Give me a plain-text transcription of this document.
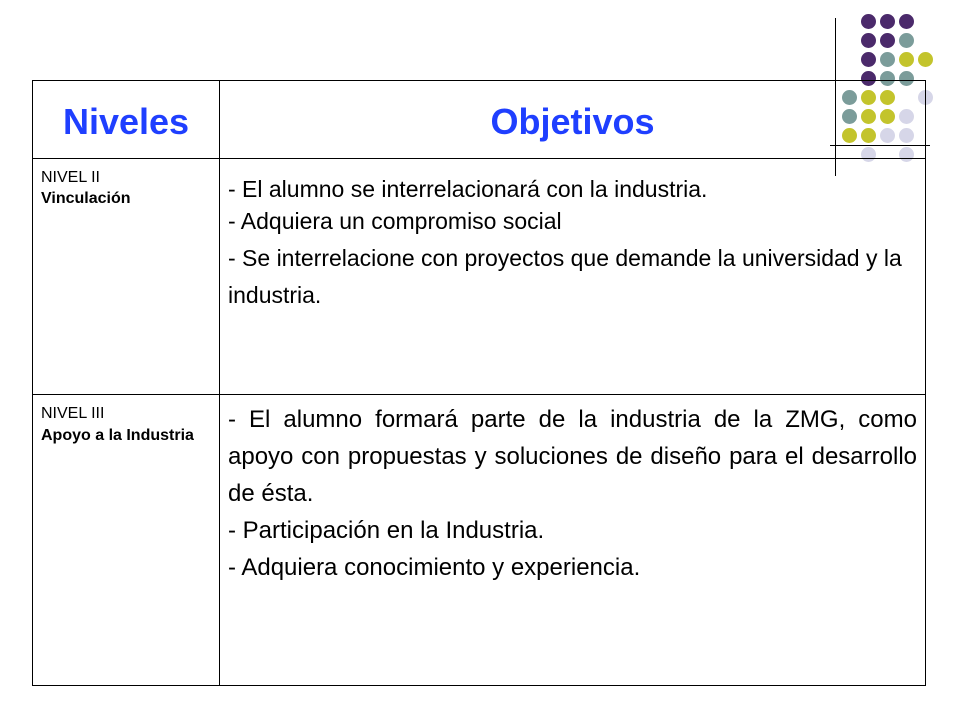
Niveles	Objetivos

NIVEL II
Vinculación	- El alumno se interrelacionará con la industria.
- Adquiera un compromiso social
- Se interrelacione con proyectos que demande la universidad y la industria.

NIVEL III
Apoyo a la Industria	- El alumno formará parte de la industria de la ZMG, como apoyo con propuestas y soluciones de diseño para el desarrollo de ésta.
- Participación en la Industria.
- Adquiera conocimiento y experiencia.
